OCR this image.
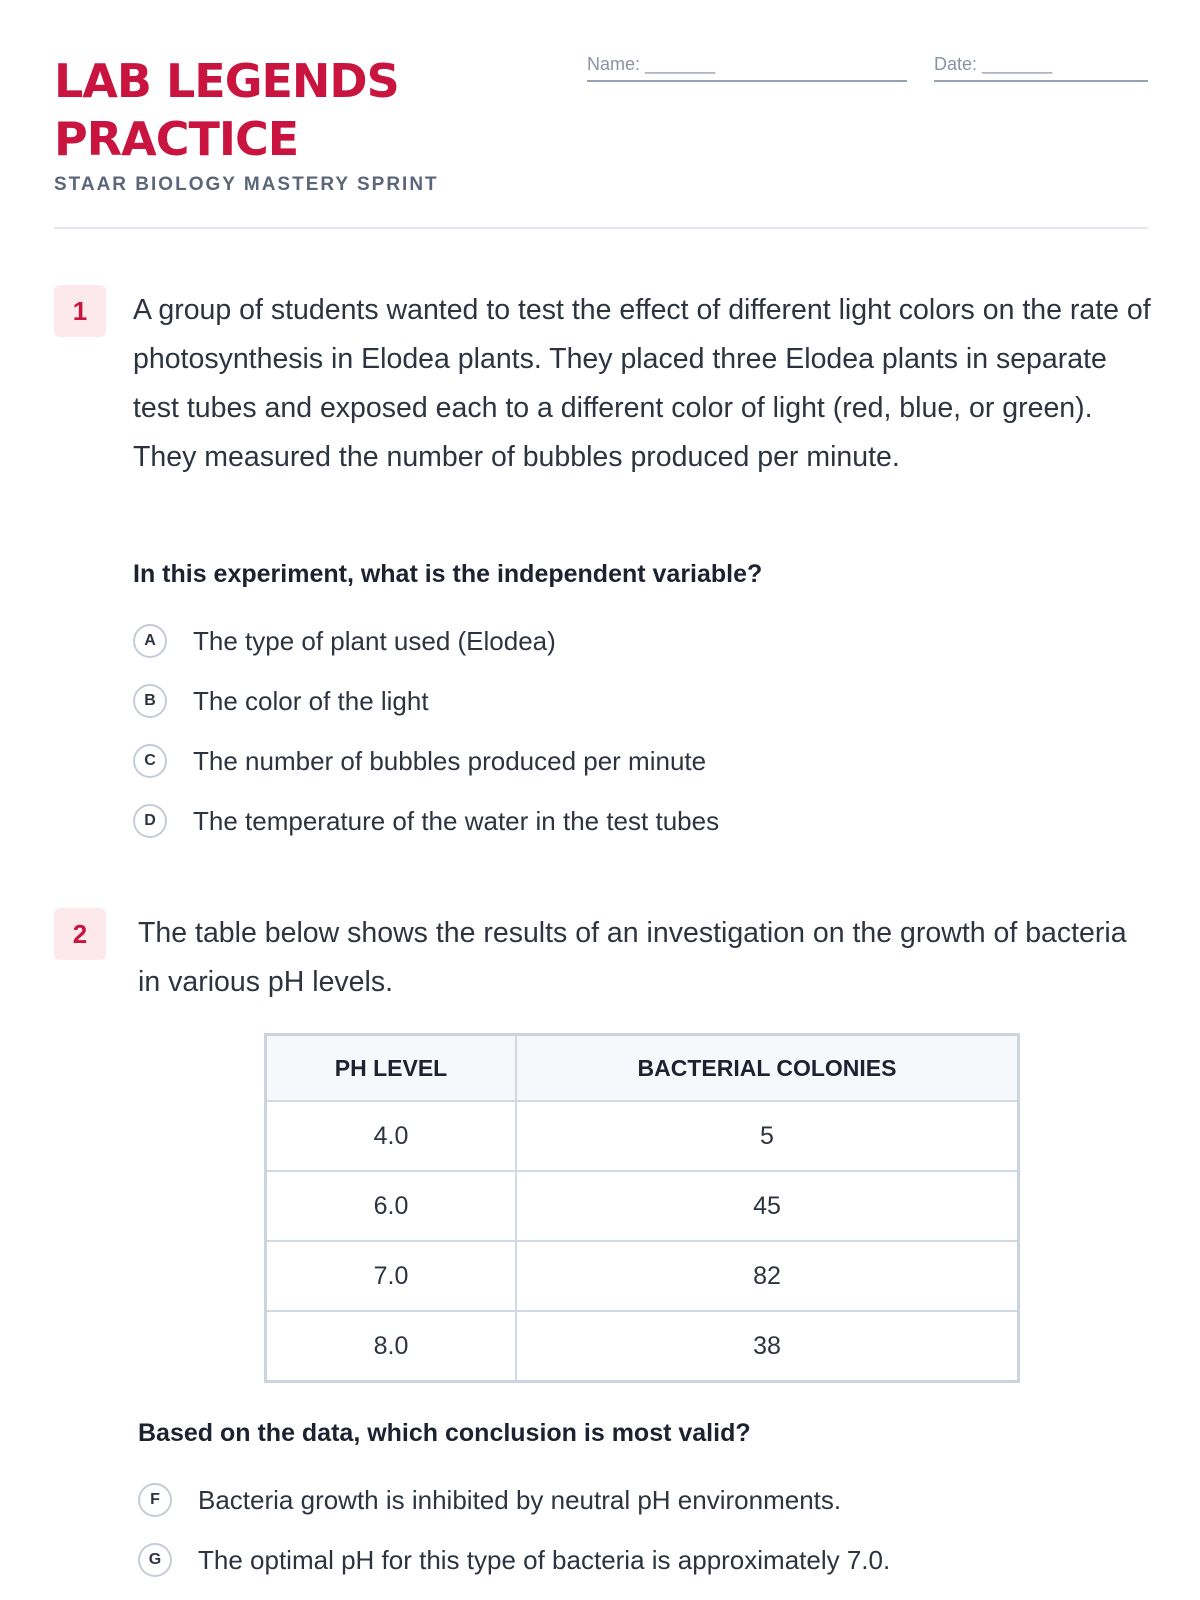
LAB LEGENDS PRACTICE

STAAR BIOLOGY MASTERY SPRINT

Name: _______	Date: _______
1	A group of students wanted to test the effect of different light colors on the rate of photosynthesis in Elodea plants. They placed three Elodea plants in separate test tubes and exposed each to a different color of light (red, blue, or green). They measured the number of bubbles produced per minute.

In this experiment, what is the independent variable?

A	The type of plant used (Elodea)
B	The color of the light
C	The number of bubbles produced per minute
D	The temperature of the water in the test tubes
2	The table below shows the results of an investigation on the growth of bacteria in various pH levels.

PH LEVEL	BACTERIAL COLONIES
4.0	5
6.0	45
7.0	82
8.0	38

Based on the data, which conclusion is most valid?

F	Bacteria growth is inhibited by neutral pH environments.
G	The optimal pH for this type of bacteria is approximately 7.0.
